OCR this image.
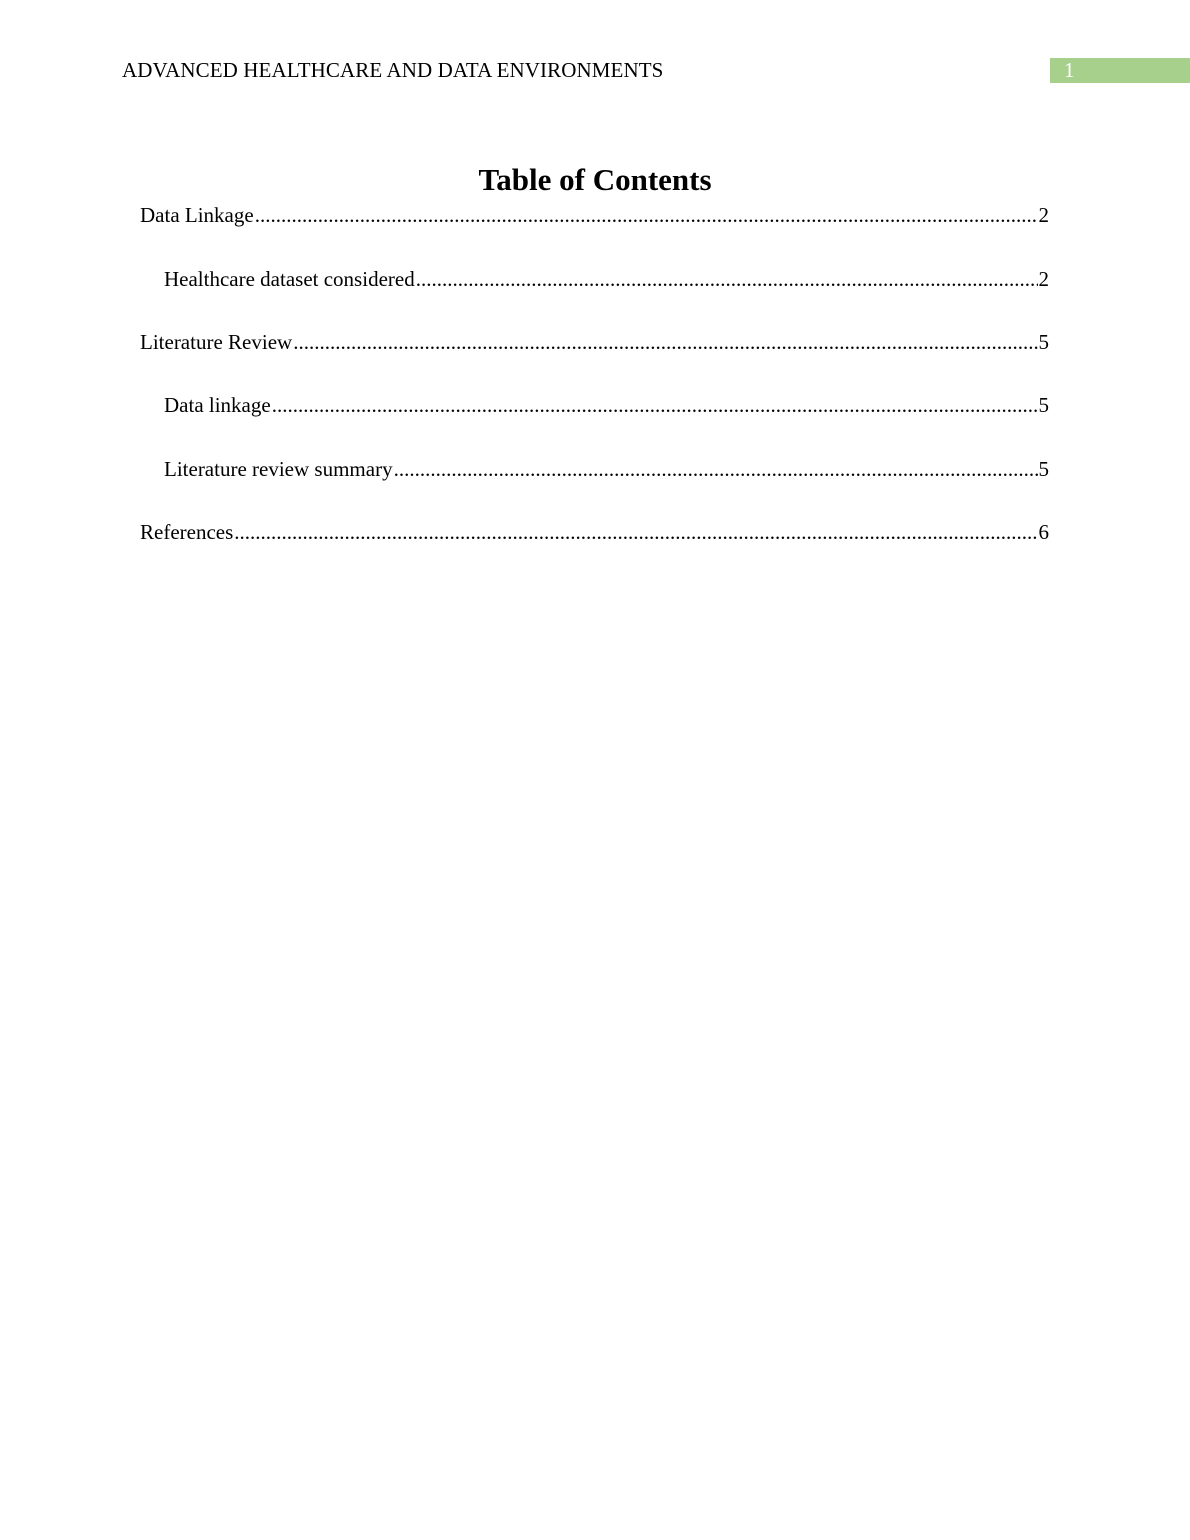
ADVANCED HEALTHCARE AND DATA ENVIRONMENTS	1
Table of Contents
Data Linkage .....	2
Healthcare dataset considered .....	2
Literature Review .....	5
Data linkage .....	5
Literature review summary .....	5
References .....	6
